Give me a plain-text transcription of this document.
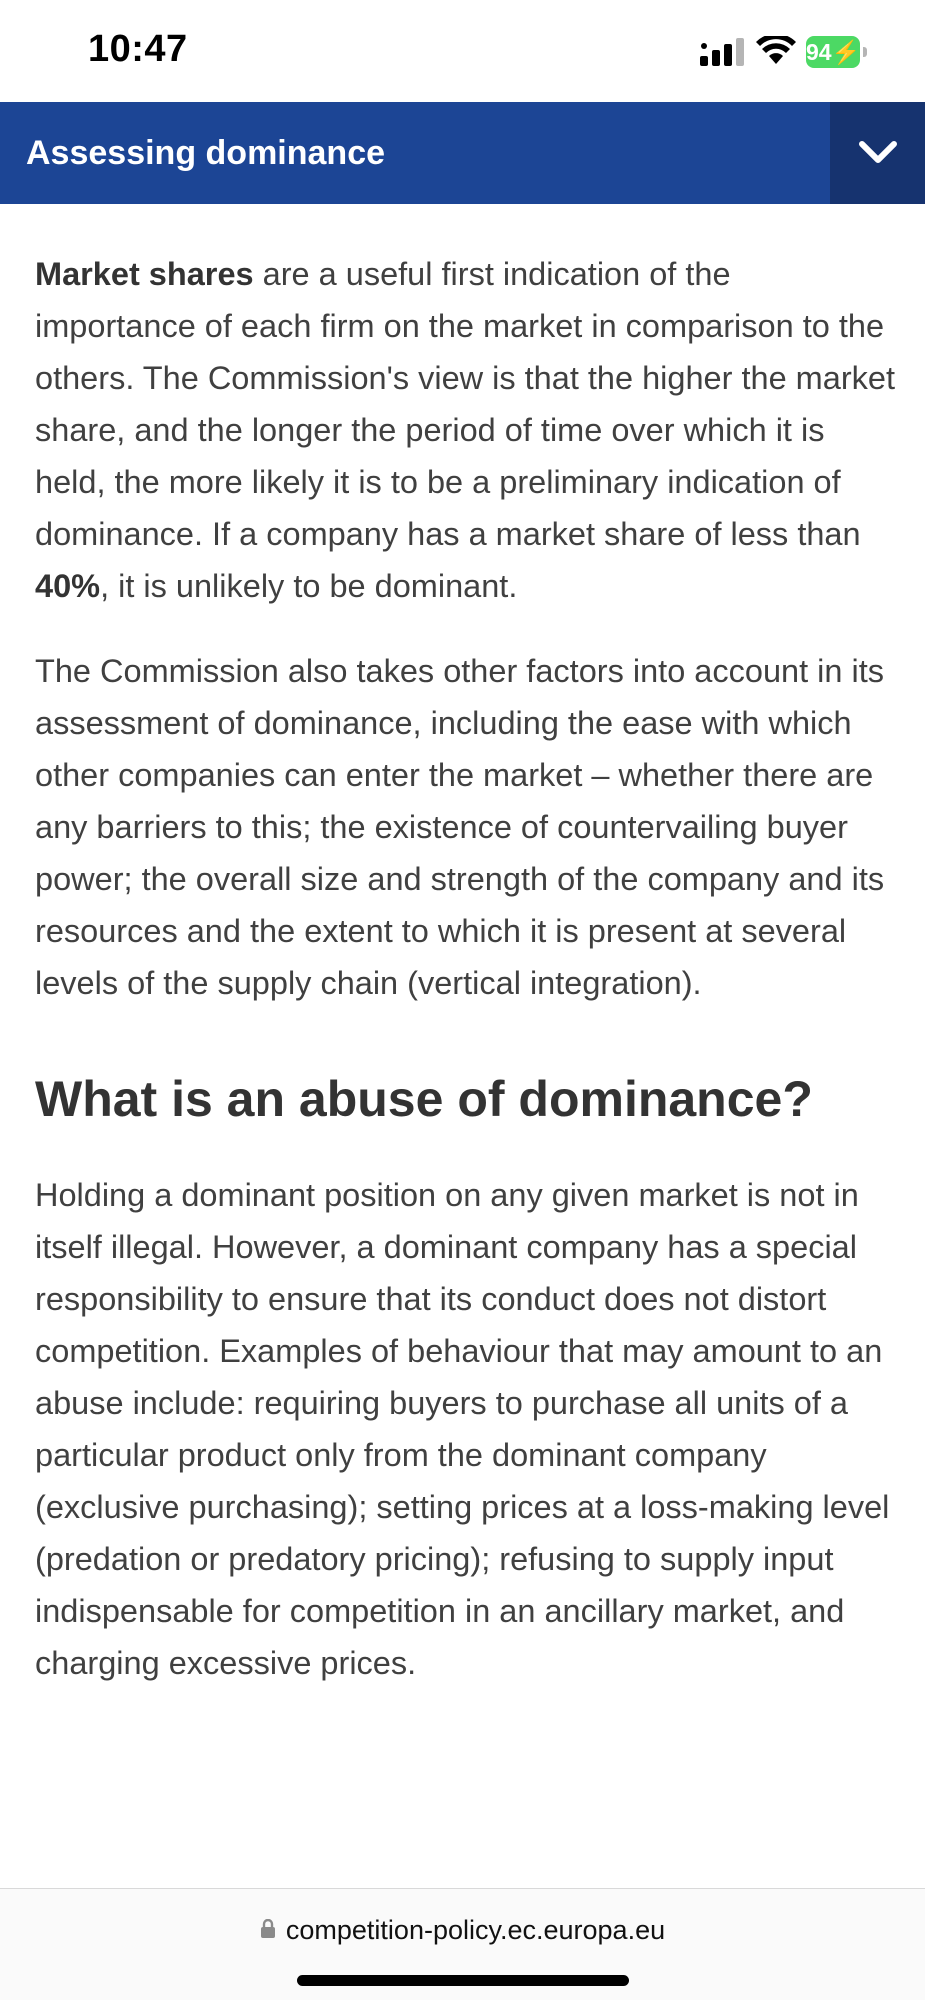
10:47	94⚡
Assessing dominance

Market shares are a useful first indication of the importance of each firm on the market in comparison to the others. The Commission's view is that the higher the market share, and the longer the period of time over which it is held, the more likely it is to be a preliminary indication of dominance. If a company has a market share of less than 40%, it is unlikely to be dominant.

The Commission also takes other factors into account in its assessment of dominance, including the ease with which other companies can enter the market – whether there are any barriers to this; the existence of countervailing buyer power; the overall size and strength of the company and its resources and the extent to which it is present at several levels of the supply chain (vertical integration).

What is an abuse of dominance?

Holding a dominant position on any given market is not in itself illegal. However, a dominant company has a special responsibility to ensure that its conduct does not distort competition. Examples of behaviour that may amount to an abuse include: requiring buyers to purchase all units of a particular product only from the dominant company (exclusive purchasing); setting prices at a loss-making level (predation or predatory pricing); refusing to supply input indispensable for competition in an ancillary market, and charging excessive prices.

competition-policy.ec.europa.eu
